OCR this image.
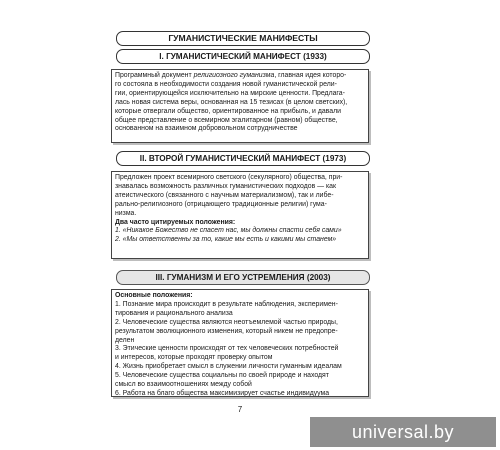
ГУМАНИСТИЧЕСКИЕ МАНИФЕСТЫ
I. ГУМАНИСТИЧЕСКИЙ МАНИФЕСТ (1933)

Программный документ религиозного гуманизма, главная идея которо-

го состояла в необходимости создания новой гуманистической рели-

гии, ориентирующейся исключительно на мирские ценности. Предлага-

лась новая система веры, основанная на 15 тезисах (в целом светских),

которые отвергали общество, ориентированное на прибыль, и давали

общее представление о всемирном эгалитарном (равном) обществе,

основанном на взаимном добровольном сотрудничестве

II. ВТОРОЙ ГУМАНИСТИЧЕСКИЙ МАНИФЕСТ (1973)

Предложен проект всемирного светского (секулярного) общества, при-

знавалась возможность различных гуманистических подходов — как

атеистического (связанного с научным материализмом), так и либе-

рально-религиозного (отрицающего традиционные религии) гума-

низма.

Два часто цитируемых положения:

1. «Никакое Божество не спасет нас, мы должны спасти себя сами»

2. «Мы ответственны за то, какие мы есть и какими мы станем»

III. ГУМАНИЗМ И ЕГО УСТРЕМЛЕНИЯ (2003)

Основные положения:

1. Познание мира происходит в результате наблюдения, эксперимен-

тирования и рационального анализа

2. Человеческие существа являются неотъемлемой частью природы,

результатом эволюционного изменения, который никем не предопре-

делен

3. Этические ценности происходят от тех человеческих потребностей

и интересов, которые проходят проверку опытом

4. Жизнь приобретает смысл в служении личности гуманным идеалам

5. Человеческие существа социальны по своей природе и находят

смысл во взаимоотношениях между собой

6. Работа на благо общества максимизирует счастье индивидуума

7
universal.by
